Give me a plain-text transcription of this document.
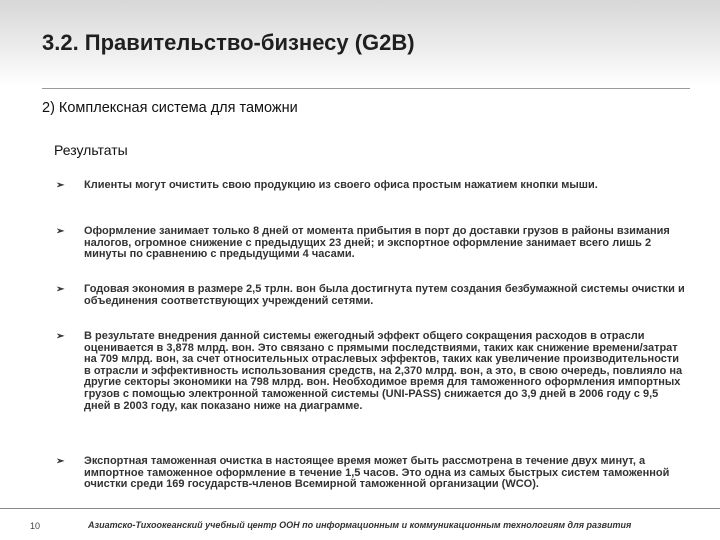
3.2. Правительство-бизнесу (G2B)
2) Комплексная система для таможни
Результаты
➢ Клиенты могут очистить свою продукцию из своего офиса простым нажатием кнопки мыши.
➢ Оформление занимает только 8 дней от момента прибытия в порт до доставки грузов в районы взимания налогов, огромное снижение с предыдущих 23 дней; и экспортное оформление занимает всего лишь 2 минуты по сравнению с предыдущими 4 часами.
➢ Годовая экономия в размере 2,5 трлн. вон была достигнута путем создания безбумажной системы очистки и объединения соответствующих учреждений сетями.
➢ В результате внедрения данной системы ежегодный эффект общего сокращения расходов в отрасли оценивается в 3,878 млрд. вон. Это связано с прямыми последствиями, таких как снижение времени/затрат на 709 млрд. вон, за счет относительных отраслевых эффектов, таких как увеличение производительности в отрасли и эффективность использования средств, на 2,370 млрд. вон, а это, в свою очередь, повлияло на другие секторы экономики на 798 млрд. вон. Необходимое время для таможенного оформления импортных грузов с помощью электронной таможенной системы (UNI-PASS) снижается до 3,9 дней в 2006 году с 9,5 дней в 2003 году, как показано ниже на диаграмме.
➢ Экспортная таможенная очистка в настоящее время может быть рассмотрена в течение двух минут, а импортное таможенное оформление в течение 1,5 часов. Это одна из самых быстрых систем таможенной очистки среди 169 государств-членов Всемирной таможенной организации (WCO).
10	Азиатско-Тихоокеанский учебный центр ООН по информационным и коммуникационным технологиям для развития
